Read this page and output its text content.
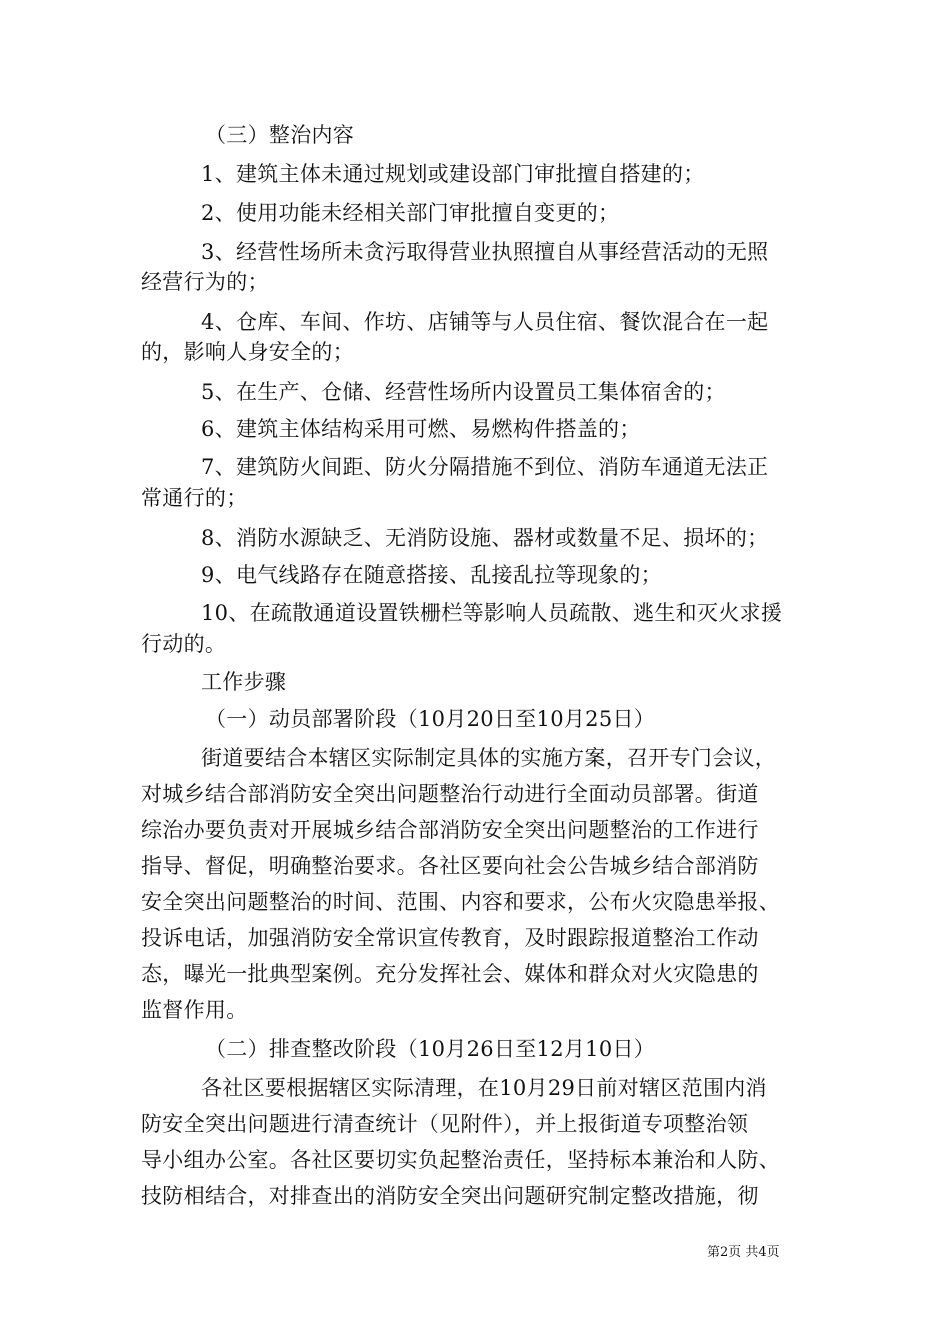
（三）整治内容
1、建筑主体未通过规划或建设部门审批擅自搭建的；
2、使用功能未经相关部门审批擅自变更的；
3、经营性场所未贪污取得营业执照擅自从事经营活动的无照
经营行为的；
4、仓库、车间、作坊、店铺等与人员住宿、餐饮混合在一起
的，影响人身安全的；
5、在生产、仓储、经营性场所内设置员工集体宿舍的；
6、建筑主体结构采用可燃、易燃构件搭盖的；
7、建筑防火间距、防火分隔措施不到位、消防车通道无法正
常通行的；
8、消防水源缺乏、无消防设施、器材或数量不足、损坏的；
9、电气线路存在随意搭接、乱接乱拉等现象的；
10、在疏散通道设置铁栅栏等影响人员疏散、逃生和灭火求援
行动的。
工作步骤
（一）动员部署阶段（10月20日至10月25日）
街道要结合本辖区实际制定具体的实施方案，召开专门会议，
对城乡结合部消防安全突出问题整治行动进行全面动员部署。街道
综治办要负责对开展城乡结合部消防安全突出问题整治的工作进行
指导、督促，明确整治要求。各社区要向社会公告城乡结合部消防
安全突出问题整治的时间、范围、内容和要求，公布火灾隐患举报、
投诉电话，加强消防安全常识宣传教育，及时跟踪报道整治工作动
态，曝光一批典型案例。充分发挥社会、媒体和群众对火灾隐患的
监督作用。
（二）排查整改阶段（10月26日至12月10日）
各社区要根据辖区实际清理，在10月29日前对辖区范围内消
防安全突出问题进行清查统计（见附件），并上报街道专项整治领
导小组办公室。各社区要切实负起整治责任，坚持标本兼治和人防、
技防相结合，对排查出的消防安全突出问题研究制定整改措施，彻
第2页 共4页
